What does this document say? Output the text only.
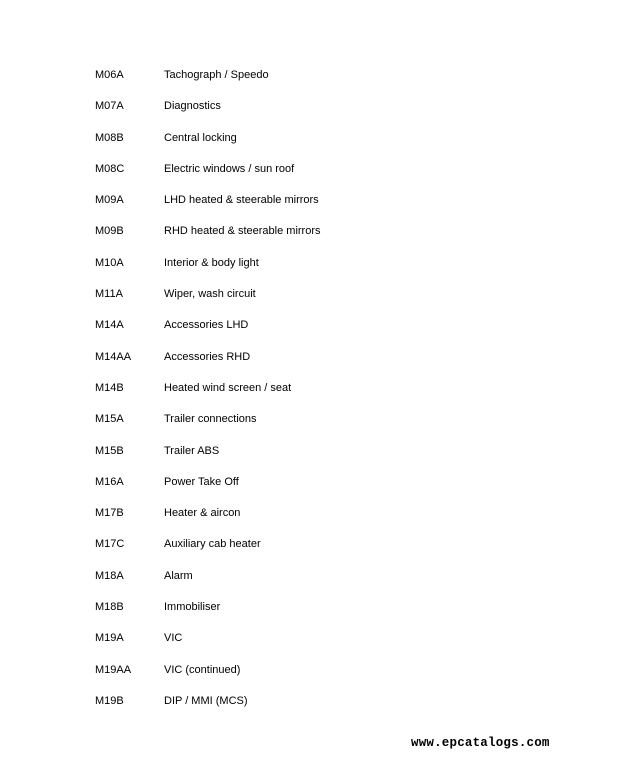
M06A	Tachograph / Speedo
M07A	Diagnostics
M08B	Central locking
M08C	Electric windows / sun roof
M09A	LHD heated & steerable mirrors
M09B	RHD heated & steerable mirrors
M10A	Interior & body light
M11A	Wiper, wash circuit
M14A	Accessories LHD
M14AA	Accessories RHD
M14B	Heated wind screen / seat
M15A	Trailer connections
M15B	Trailer ABS
M16A	Power Take Off
M17B	Heater & aircon
M17C	Auxiliary cab heater
M18A	Alarm
M18B	Immobiliser
M19A	VIC
M19AA	VIC (continued)
M19B	DIP / MMI (MCS)
www.epcatalogs.com
